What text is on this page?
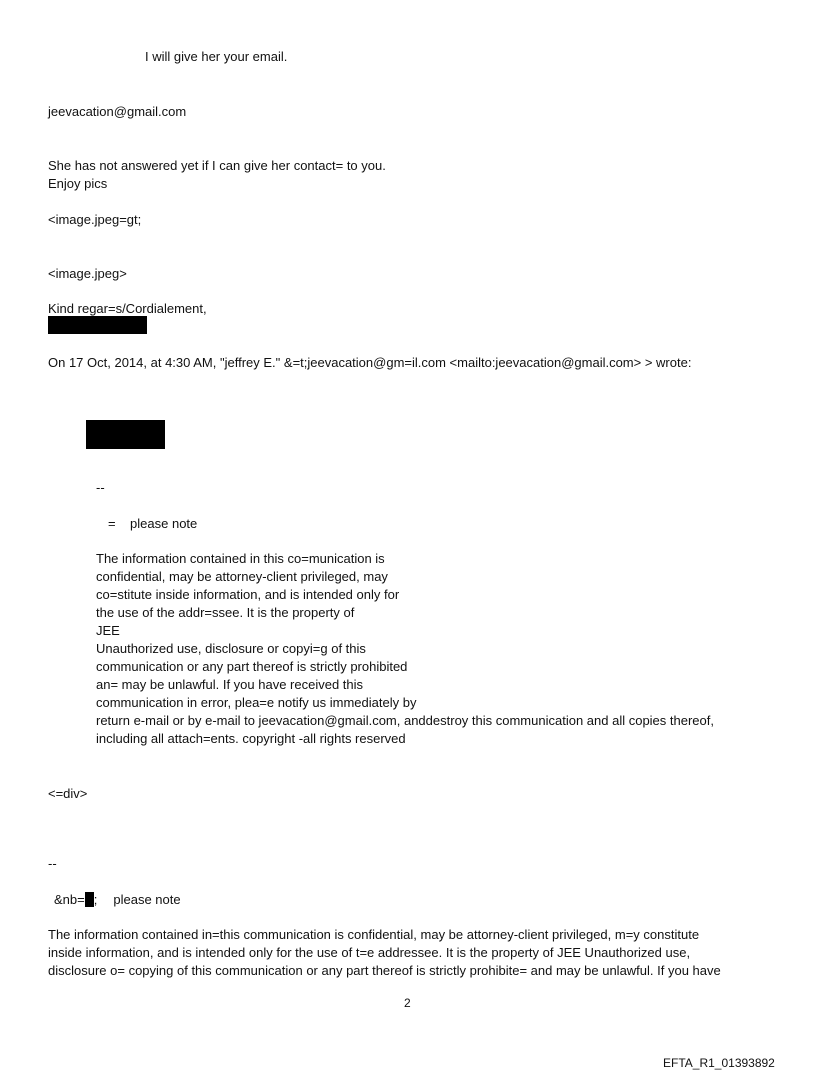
I will give her your email.

jeevacation@gmail.com

She has not answered yet if I can give her contact= to you.

Enjoy pics

<image.jpeg=gt;

<image.jpeg>

Kind regar=s/Cordialement,

On 17 Oct, 2014, at 4:30 AM, "jeffrey E." &=t;jeevacation@gm=il.com <mailto:jeevacation@gmail.com> > wrote:

--

=    please note

The information contained in this co=munication is
confidential, may be attorney-client privileged, may
co=stitute inside information, and is intended only for
the use of the addr=ssee. It is the property of
JEE
Unauthorized use, disclosure or copyi=g of this
communication or any part thereof is strictly prohibited
an= may be unlawful. If you have received this
communication in error, plea=e notify us immediately by
return e-mail or by e-mail to jeevacation@gmail.com, anddestroy this communication and all copies thereof,
including all attach=ents. copyright -all rights reserved

<=div>

--

&nb= ; please note

The information contained in=this communication is confidential, may be attorney-client privileged, m=y constitute
inside information, and is intended only for the use of t=e addressee. It is the property of JEE Unauthorized use,
disclosure o= copying of this communication or any part thereof is strictly prohibite= and may be unlawful. If you have

2

EFTA_R1_01393892
